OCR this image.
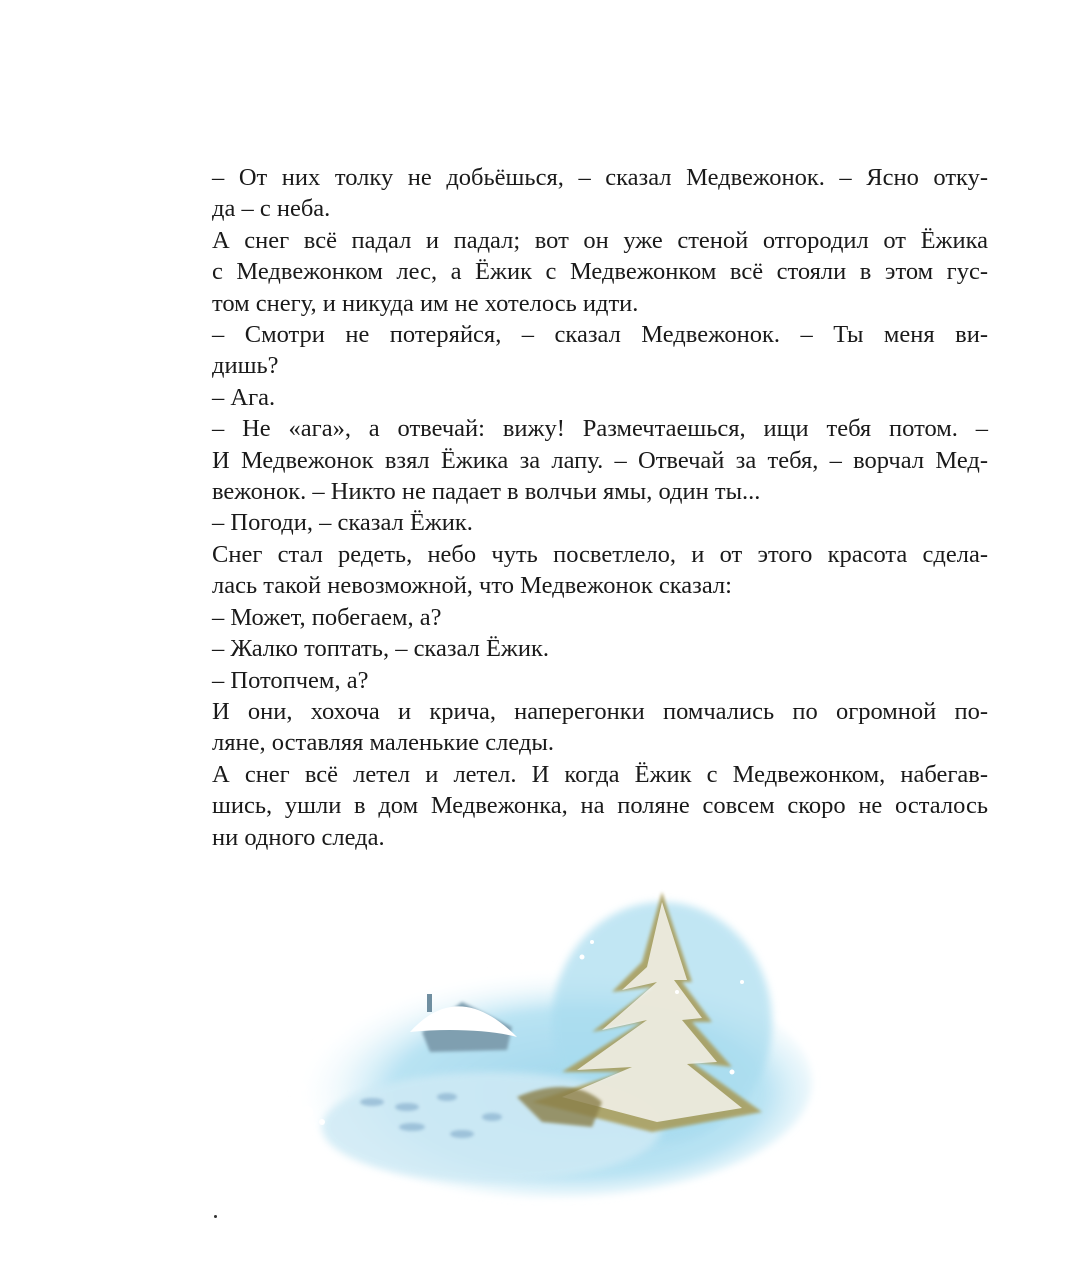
– От них толку не добьёшься, – сказал Медвежонок. – Ясно отку-
да – с неба.

А снег всё падал и падал; вот он уже стеной отгородил от Ёжика
с Медвежонком лес, а Ёжик с Медвежонком всё стояли в этом гус-
том снегу, и никуда им не хотелось идти.

– Смотри не потеряйся, – сказал Медвежонок. – Ты меня ви-
дишь?

– Ага.

– Не «ага», а отвечай: вижу! Размечтаешься, ищи тебя потом. –
И Медвежонок взял Ёжика за лапу. – Отвечай за тебя, – ворчал Мед-
вежонок. – Никто не падает в волчьи ямы, один ты...

– Погоди, – сказал Ёжик.

Снег стал редеть, небо чуть посветлело, и от этого красота сдела-
лась такой невозможной, что Медвежонок сказал:

– Может, побегаем, а?

– Жалко топтать, – сказал Ёжик.

– Потопчем, а?

И они, хохоча и крича, наперегонки помчались по огромной по-
ляне, оставляя маленькие следы.

А снег всё летел и летел. И когда Ёжик с Медвежонком, набегав-
шись, ушли в дом Медвежонка, на поляне совсем скоро не осталось
ни одного следа.
